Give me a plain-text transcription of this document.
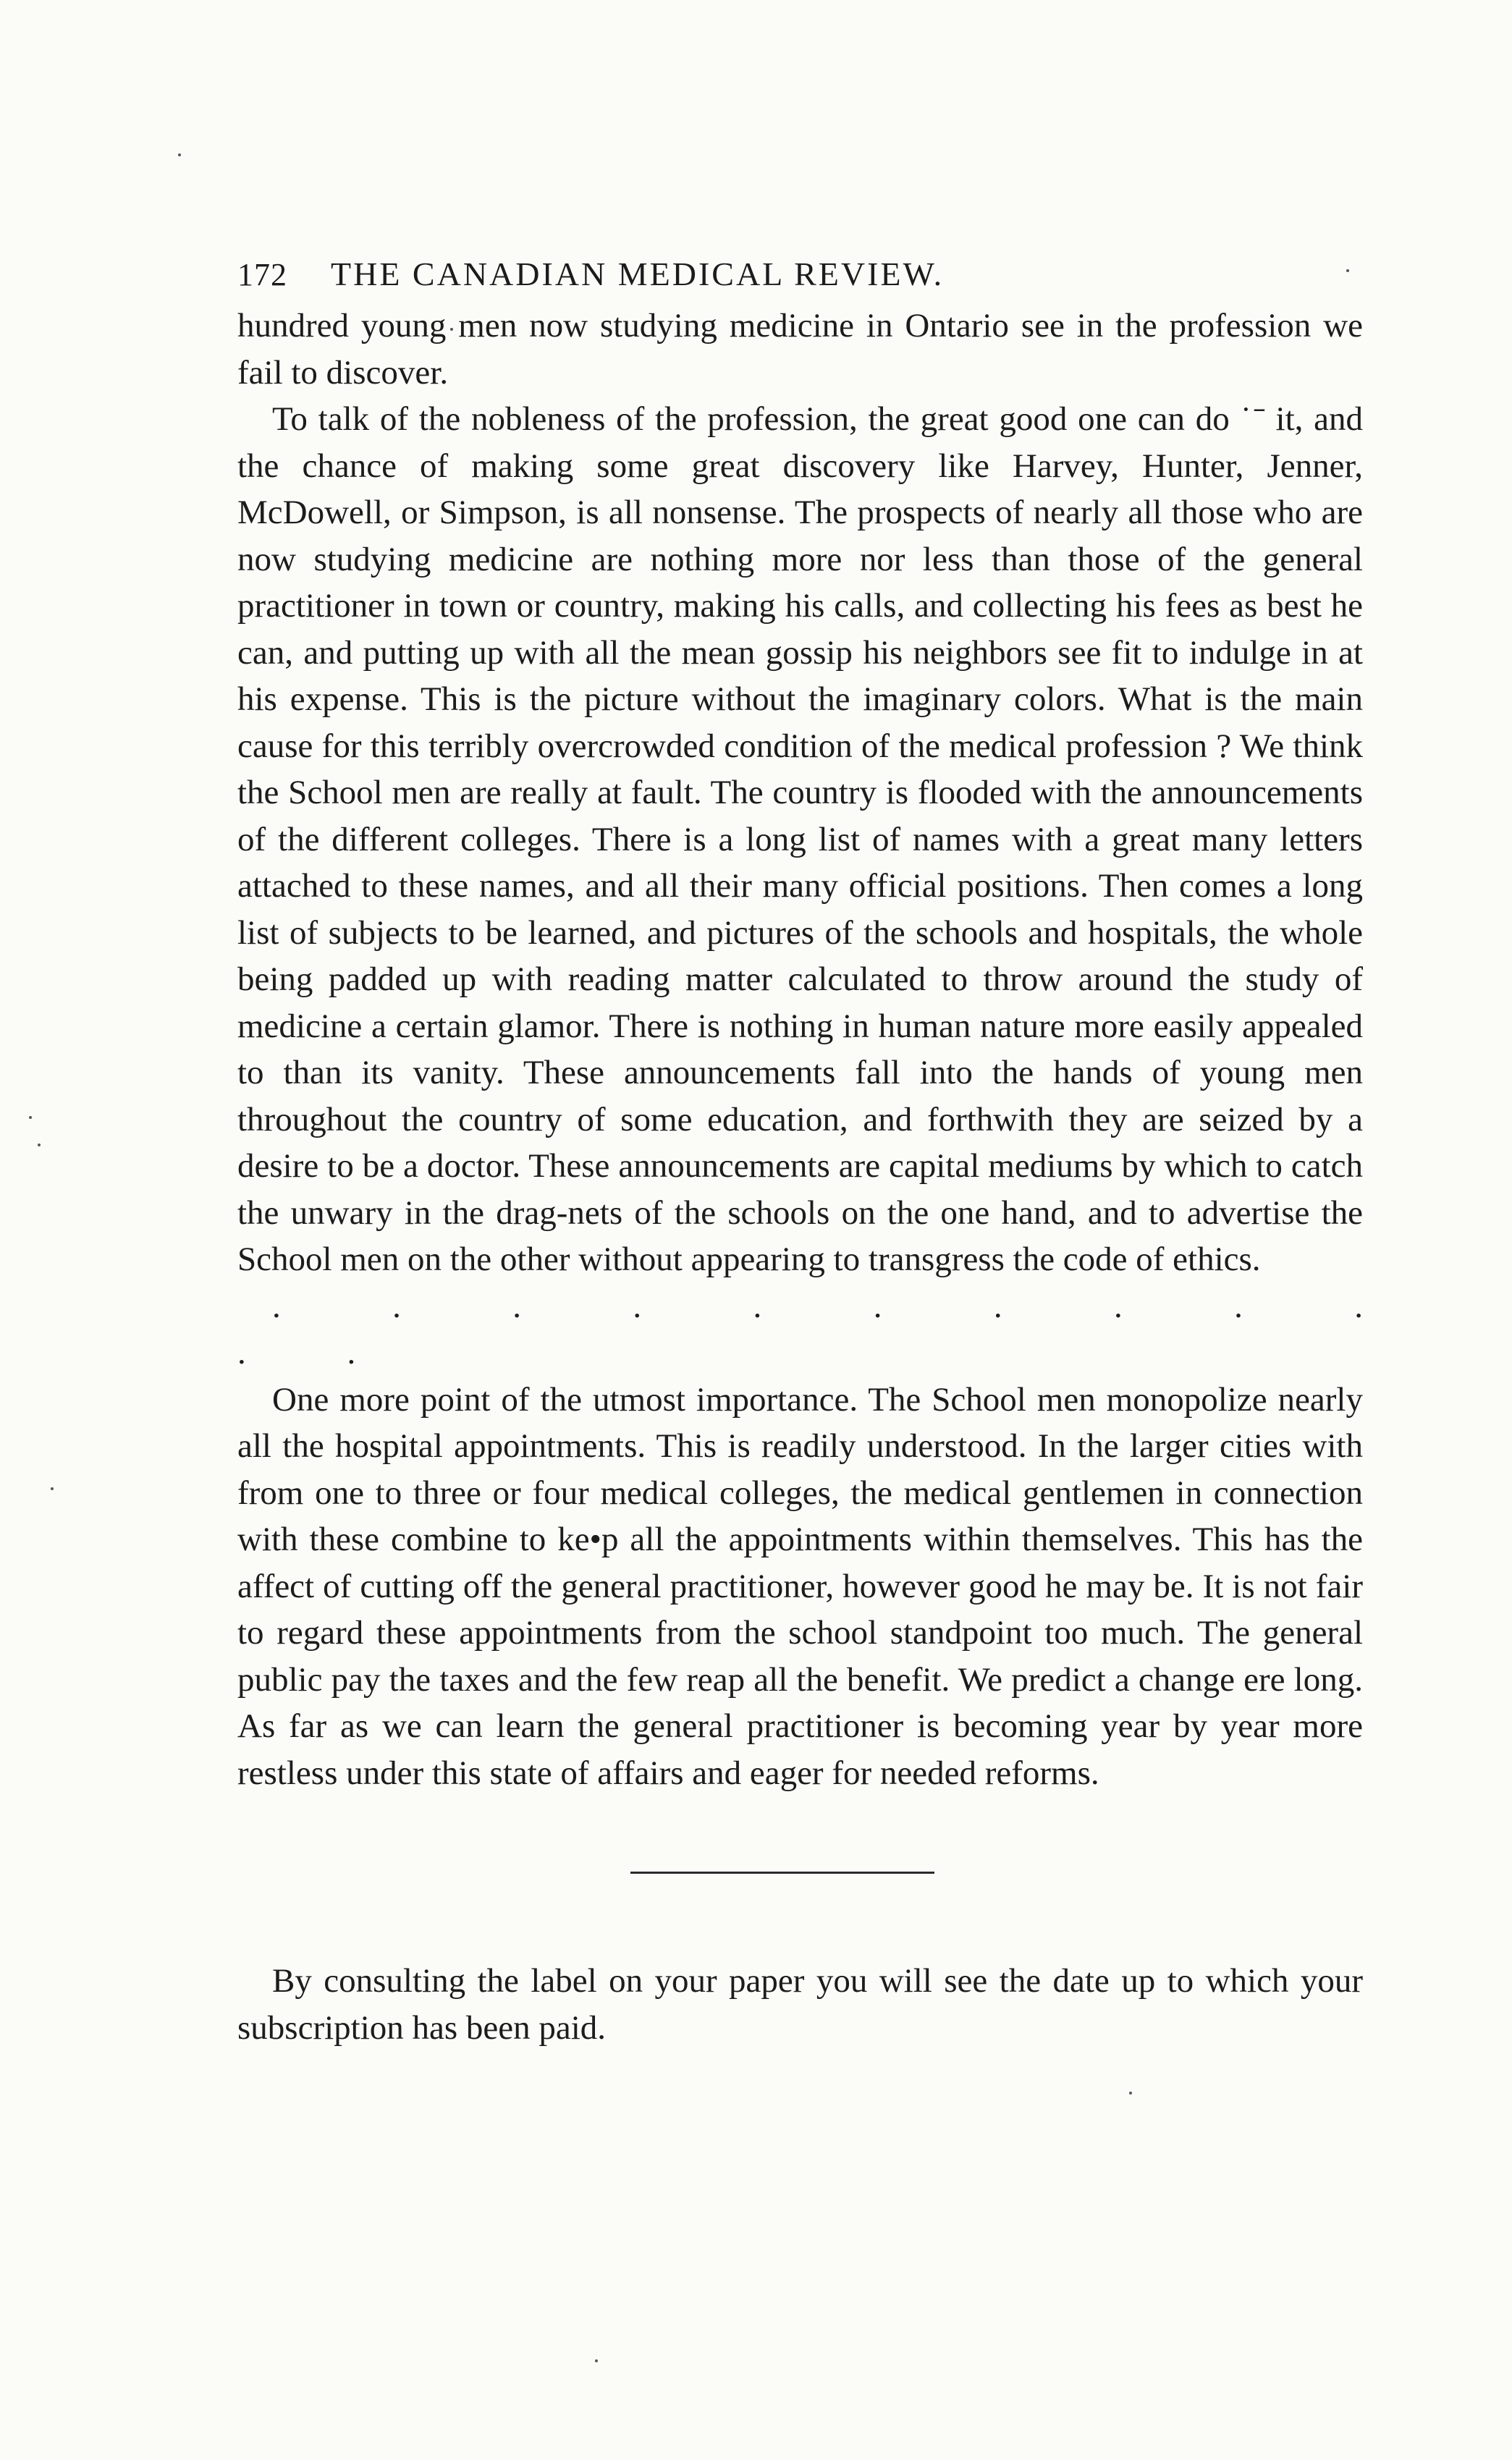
172 THE CANADIAN MEDICAL REVIEW.

hundred young men now studying medicine in Ontario see in the profession we fail to discover.

To talk of the nobleness of the profession, the great good one can do ˙ˉ it, and the chance of making some great discovery like Harvey, Hunter, Jenner, McDowell, or Simpson, is all nonsense. The prospects of nearly all those who are now studying medicine are nothing more nor less than those of the general practitioner in town or country, making his calls, and collecting his fees as best he can, and putting up with all the mean gossip his neighbors see fit to indulge in at his expense. This is the picture without the imaginary colors. What is the main cause for this terribly overcrowded condition of the medical profession ? We think the School men are really at fault. The country is flooded with the announcements of the different colleges. There is a long list of names with a great many letters attached to these names, and all their many official positions. Then comes a long list of subjects to be learned, and pictures of the schools and hospitals, the whole being padded up with reading matter calculated to throw around the study of medicine a certain glamor. There is nothing in human nature more easily appealed to than its vanity. These announcements fall into the hands of young men throughout the country of some education, and forthwith they are seized by a desire to be a doctor. These announcements are capital mediums by which to catch the unwary in the drag-nets of the schools on the one hand, and to advertise the School men on the other without appearing to transgress the code of ethics.
. . . . . . . . . . . .

One more point of the utmost importance. The School men monopolize nearly all the hospital appointments. This is readily understood. In the larger cities with from one to three or four medical colleges, the medical gentlemen in connection with these combine to ke•p all the appointments within themselves. This has the affect of cutting off the general practitioner, however good he may be. It is not fair to regard these appointments from the school standpoint too much. The general public pay the taxes and the few reap all the benefit. We predict a change ere long. As far as we can learn the general practitioner is becoming year by year more restless under this state of affairs and eager for needed reforms.

By consulting the label on your paper you will see the date up to which your subscription has been paid.
